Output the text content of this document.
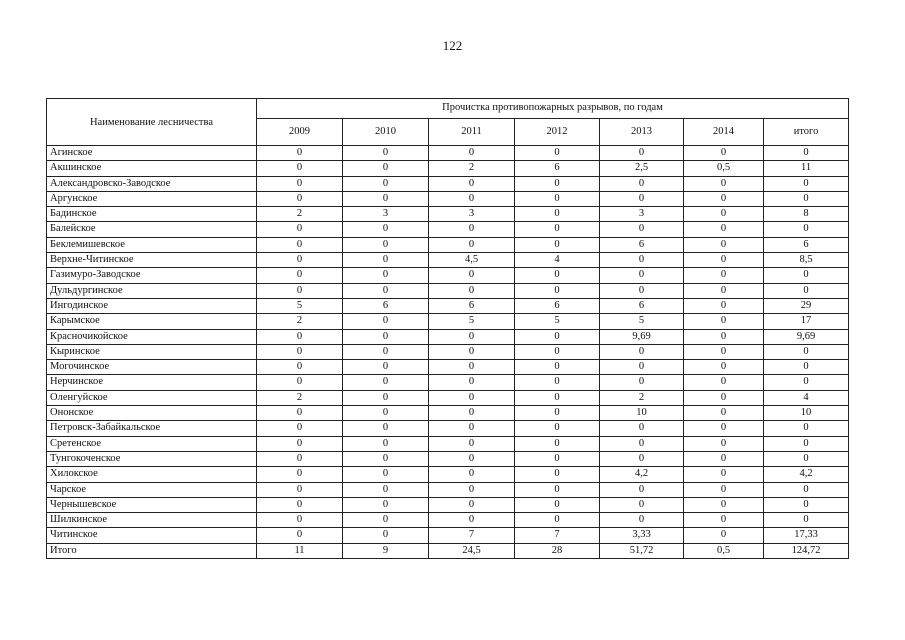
122
Наименование лесничества	Прочистка противопожарных разрывов, по годам						
	2009	2010	2011	2012	2013	2014	итого
Агинское	0	0	0	0	0	0	0
Акшинское	0	0	2	6	2,5	0,5	11
Александровско-Заводское	0	0	0	0	0	0	0
Аргунское	0	0	0	0	0	0	0
Бадинское	2	3	3	0	3	0	8
Балейское	0	0	0	0	0	0	0
Беклемишевское	0	0	0	0	6	0	6
Верхне-Читинское	0	0	4,5	4	0	0	8,5
Газимуро-Заводское	0	0	0	0	0	0	0
Дульдургинское	0	0	0	0	0	0	0
Ингодинское	5	6	6	6	6	0	29
Карымское	2	0	5	5	5	0	17
Красночикойское	0	0	0	0	9,69	0	9,69
Кыринское	0	0	0	0	0	0	0
Могочинское	0	0	0	0	0	0	0
Нерчинское	0	0	0	0	0	0	0
Оленгуйское	2	0	0	0	2	0	4
Ононское	0	0	0	0	10	0	10
Петровск-Забайкальское	0	0	0	0	0	0	0
Сретенское	0	0	0	0	0	0	0
Тунгокоченское	0	0	0	0	0	0	0
Хилокское	0	0	0	0	4,2	0	4,2
Чарское	0	0	0	0	0	0	0
Чернышевское	0	0	0	0	0	0	0
Шилкинское	0	0	0	0	0	0	0
Читинское	0	0	7	7	3,33	0	17,33
Итого	11	9	24,5	28	51,72	0,5	124,72
